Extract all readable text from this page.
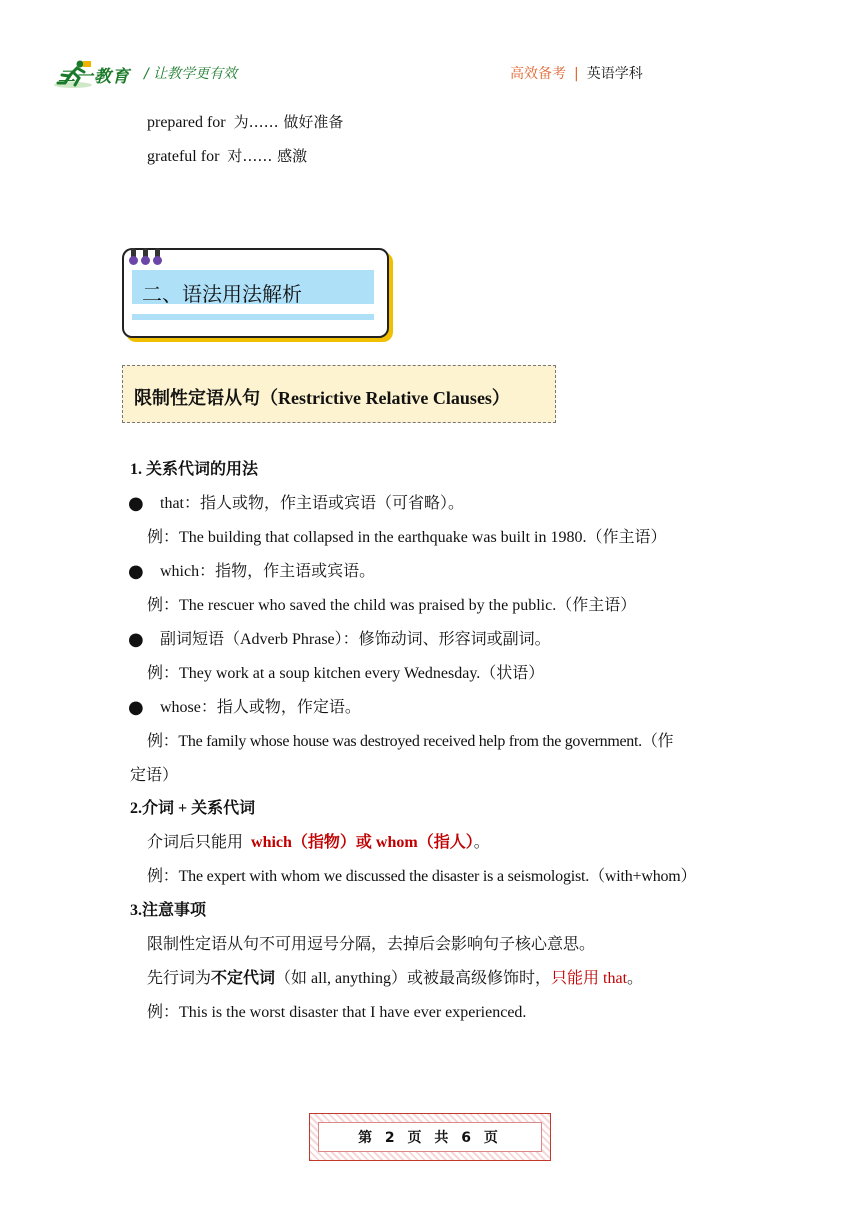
二一教育 / 让教学更有效	高效备考 | 英语学科
prepared for 为…… 做好准备
grateful for 对…… 感激
二、语法用法解析
限制性定语从句（Restrictive Relative Clauses）
1. 关系代词的用法
● that：指人或物，作主语或宾语（可省略）。
例：The building that collapsed in the earthquake was built in 1980.（作主语）
● which：指物，作主语或宾语。
例：The rescuer who saved the child was praised by the public.（作主语）
● 副词短语（Adverb Phrase）：修饰动词、形容词或副词。
例：They work at a soup kitchen every Wednesday.（状语）
● whose：指人或物，作定语。
例：The family whose house was destroyed received help from the government.（作
定语）
2.介词 + 关系代词
介词后只能用 which（指物）或 whom（指人）。
例：The expert with whom we discussed the disaster is a seismologist.（with+whom）
3.注意事项
限制性定语从句不可用逗号分隔，去掉后会影响句子核心意思。
先行词为不定代词（如 all, anything）或被最高级修饰时，只能用 that。
例：This is the worst disaster that I have ever experienced.
第 2 页 共 6 页
